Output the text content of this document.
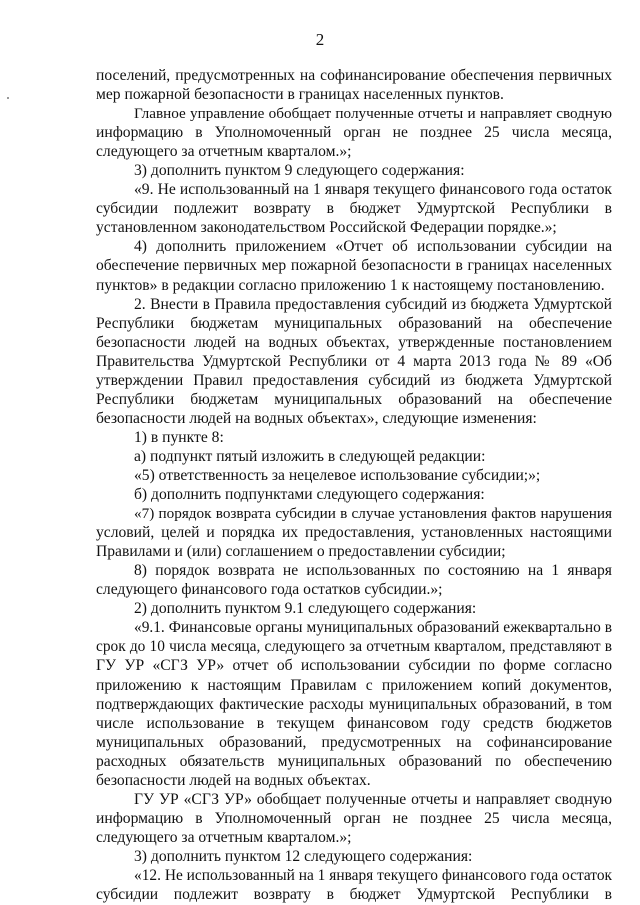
2
поселений, предусмотренных на софинансирование обеспечения первичных
мер пожарной безопасности в границах населенных пунктов.
Главное управление обобщает полученные отчеты и направляет сводную
информацию в Уполномоченный орган не позднее 25 числа месяца,
следующего за отчетным кварталом.»;
3) дополнить пунктом 9 следующего содержания:
«9. Не использованный на 1 января текущего финансового года остаток
субсидии подлежит возврату в бюджет Удмуртской Республики в
установленном законодательством Российской Федерации порядке.»;
4) дополнить приложением «Отчет об использовании субсидии на
обеспечение первичных мер пожарной безопасности в границах населенных
пунктов» в редакции согласно приложению 1 к настоящему постановлению.
2. Внести в Правила предоставления субсидий из бюджета Удмуртской
Республики бюджетам муниципальных образований на обеспечение
безопасности людей на водных объектах, утвержденные постановлением
Правительства Удмуртской Республики от 4 марта 2013 года № 89 «Об
утверждении Правил предоставления субсидий из бюджета Удмуртской
Республики бюджетам муниципальных образований на обеспечение
безопасности людей на водных объектах», следующие изменения:
1) в пункте 8:
а) подпункт пятый изложить в следующей редакции:
«5) ответственность за нецелевое использование субсидии;»;
б) дополнить подпунктами следующего содержания:
«7) порядок возврата субсидии в случае установления фактов нарушения
условий, целей и порядка их предоставления, установленных настоящими
Правилами и (или) соглашением о предоставлении субсидии;
8) порядок возврата не использованных по состоянию на 1 января
следующего финансового года остатков субсидии.»;
2) дополнить пунктом 9.1 следующего содержания:
«9.1. Финансовые органы муниципальных образований ежеквартально в
срок до 10 числа месяца, следующего за отчетным кварталом, представляют в
ГУ УР «СГЗ УР» отчет об использовании субсидии по форме согласно
приложению к настоящим Правилам с приложением копий документов,
подтверждающих фактические расходы муниципальных образований, в том
числе использование в текущем финансовом году средств бюджетов
муниципальных образований, предусмотренных на софинансирование
расходных обязательств муниципальных образований по обеспечению
безопасности людей на водных объектах.
ГУ УР «СГЗ УР» обобщает полученные отчеты и направляет сводную
информацию в Уполномоченный орган не позднее 25 числа месяца,
следующего за отчетным кварталом.»;
3) дополнить пунктом 12 следующего содержания:
«12. Не использованный на 1 января текущего финансового года остаток
субсидии подлежит возврату в бюджет Удмуртской Республики в
